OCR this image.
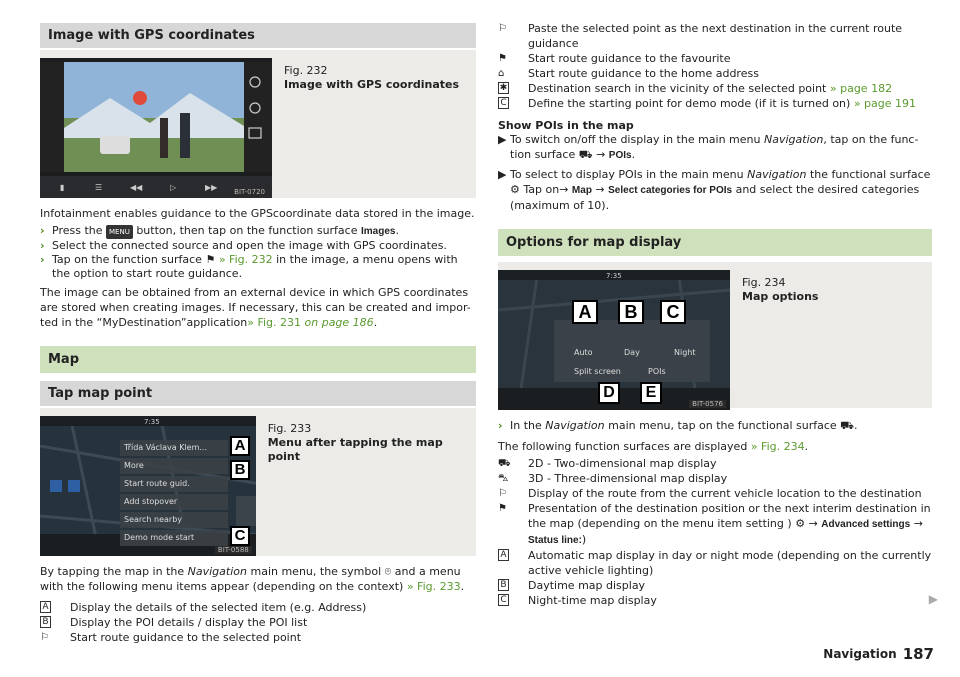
Image with GPS coordinates
▮	☰	◀◀	▷	▶▶	BIT-0720
Fig. 232
Image with GPS coordinates

Infotainment enables guidance to the GPScoordinate data stored in the image.

› Press the MENU button, then tap on the function surface Images.
› Select the connected source and open the image with GPS coordinates.
› Tap on the function surface ⚑ » Fig. 232 in the image, a menu opens with the option to start route guidance.

The image can be obtained from an external device in which GPS coordinates are stored when creating images. If necessary, this can be created and impor-ted in the “MyDestination”application» Fig. 231 on page 186.

Map
Tap map point
7:35
Třída Václava Klem...
More
Start route guid.
Add stopover
Search nearby
Demo mode start
A
B
C
BIT-0588
Fig. 233
Menu after tapping the map point

By tapping the map in the Navigation main menu, the symbol ⌾ and a menu with the following menu items appear (depending on the context) » Fig. 233.

A Display the details of the selected item (e.g. Address)
B Display the POI details / display the POI list
⚐ Start route guidance to the selected point
⚐ Paste the selected point as the next destination in the current route guidance
⚑ Start route guidance to the favourite
⌂ Start route guidance to the home address
✱ Destination search in the vicinity of the selected point » page 182
C Define the starting point for demo mode (if it is turned on) » page 191
Show POIs in the map
▶ To switch on/off the display in the main menu Navigation, tap on the func-tion surface ⛟ → POIs.
▶ To select to display POIs in the main menu Navigation the functional surface ⚙ Tap on→ Map → Select categories for POIs and select the desired categories (maximum of 10).
Options for map display
7:35
Auto	Day	Night
Split screen	POIs
A	B	C
D	E
BIT-0576
Fig. 234
Map options
› In the Navigation main menu, tap on the functional surface ⛟.

The following function surfaces are displayed » Fig. 234.

⛟ 2D - Two-dimensional map display
⛍ 3D - Three-dimensional map display
⚐ Display of the route from the current vehicle location to the destination
⚑ Presentation of the destination position or the next interim destination in the map (depending on the menu item setting ) ⚙ → Advanced settings → Status line:)
A Automatic map display in day or night mode (depending on the currently active vehicle lighting)
B Daytime map display
C Night-time map display	▶
Navigation 187
